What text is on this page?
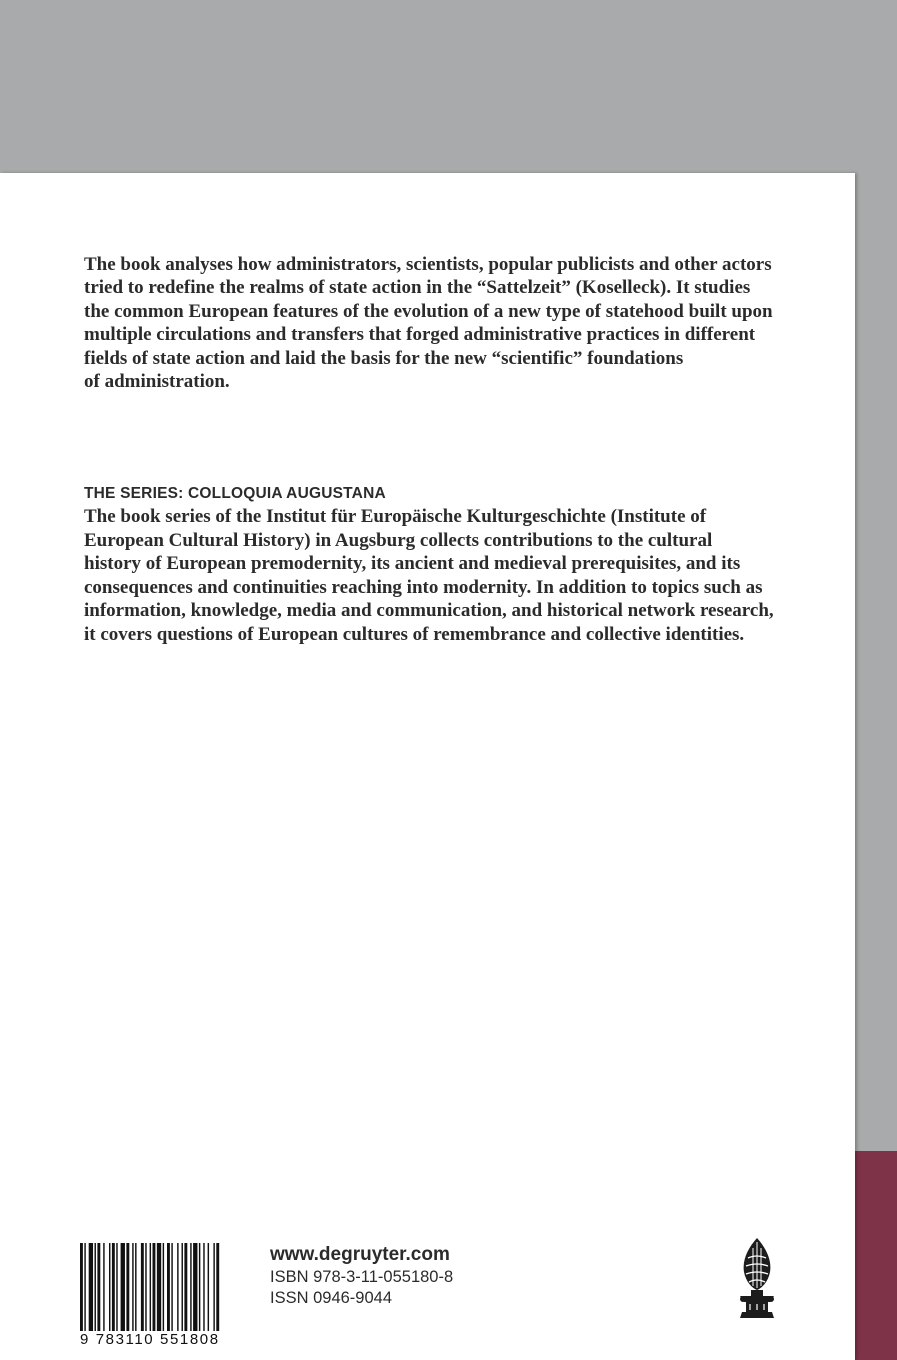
The book analyses how administrators, scientists, popular publicists and other actors
tried to redefine the realms of state action in the “Sattelzeit” (Koselleck). It studies
the common European features of the evolution of a new type of statehood built upon
multiple circulations and transfers that forged administrative practices in different
fields of state action and laid the basis for the new “scientific” foundations
of administration.
THE SERIES: COLLOQUIA AUGUSTANA
The book series of the Institut für Europäische Kulturgeschichte (Institute of
European Cultural History) in Augsburg collects contributions to the cultural
history of European premodernity, its ancient and medieval prerequisites, and its
consequences and continuities reaching into modernity. In addition to topics such as
information, knowledge, media and communication, and historical network research,
it covers questions of European cultures of remembrance and collective identities.
9 783110 551808
www.degruyter.com
ISBN 978-3-11-055180-8
ISSN 0946-9044
